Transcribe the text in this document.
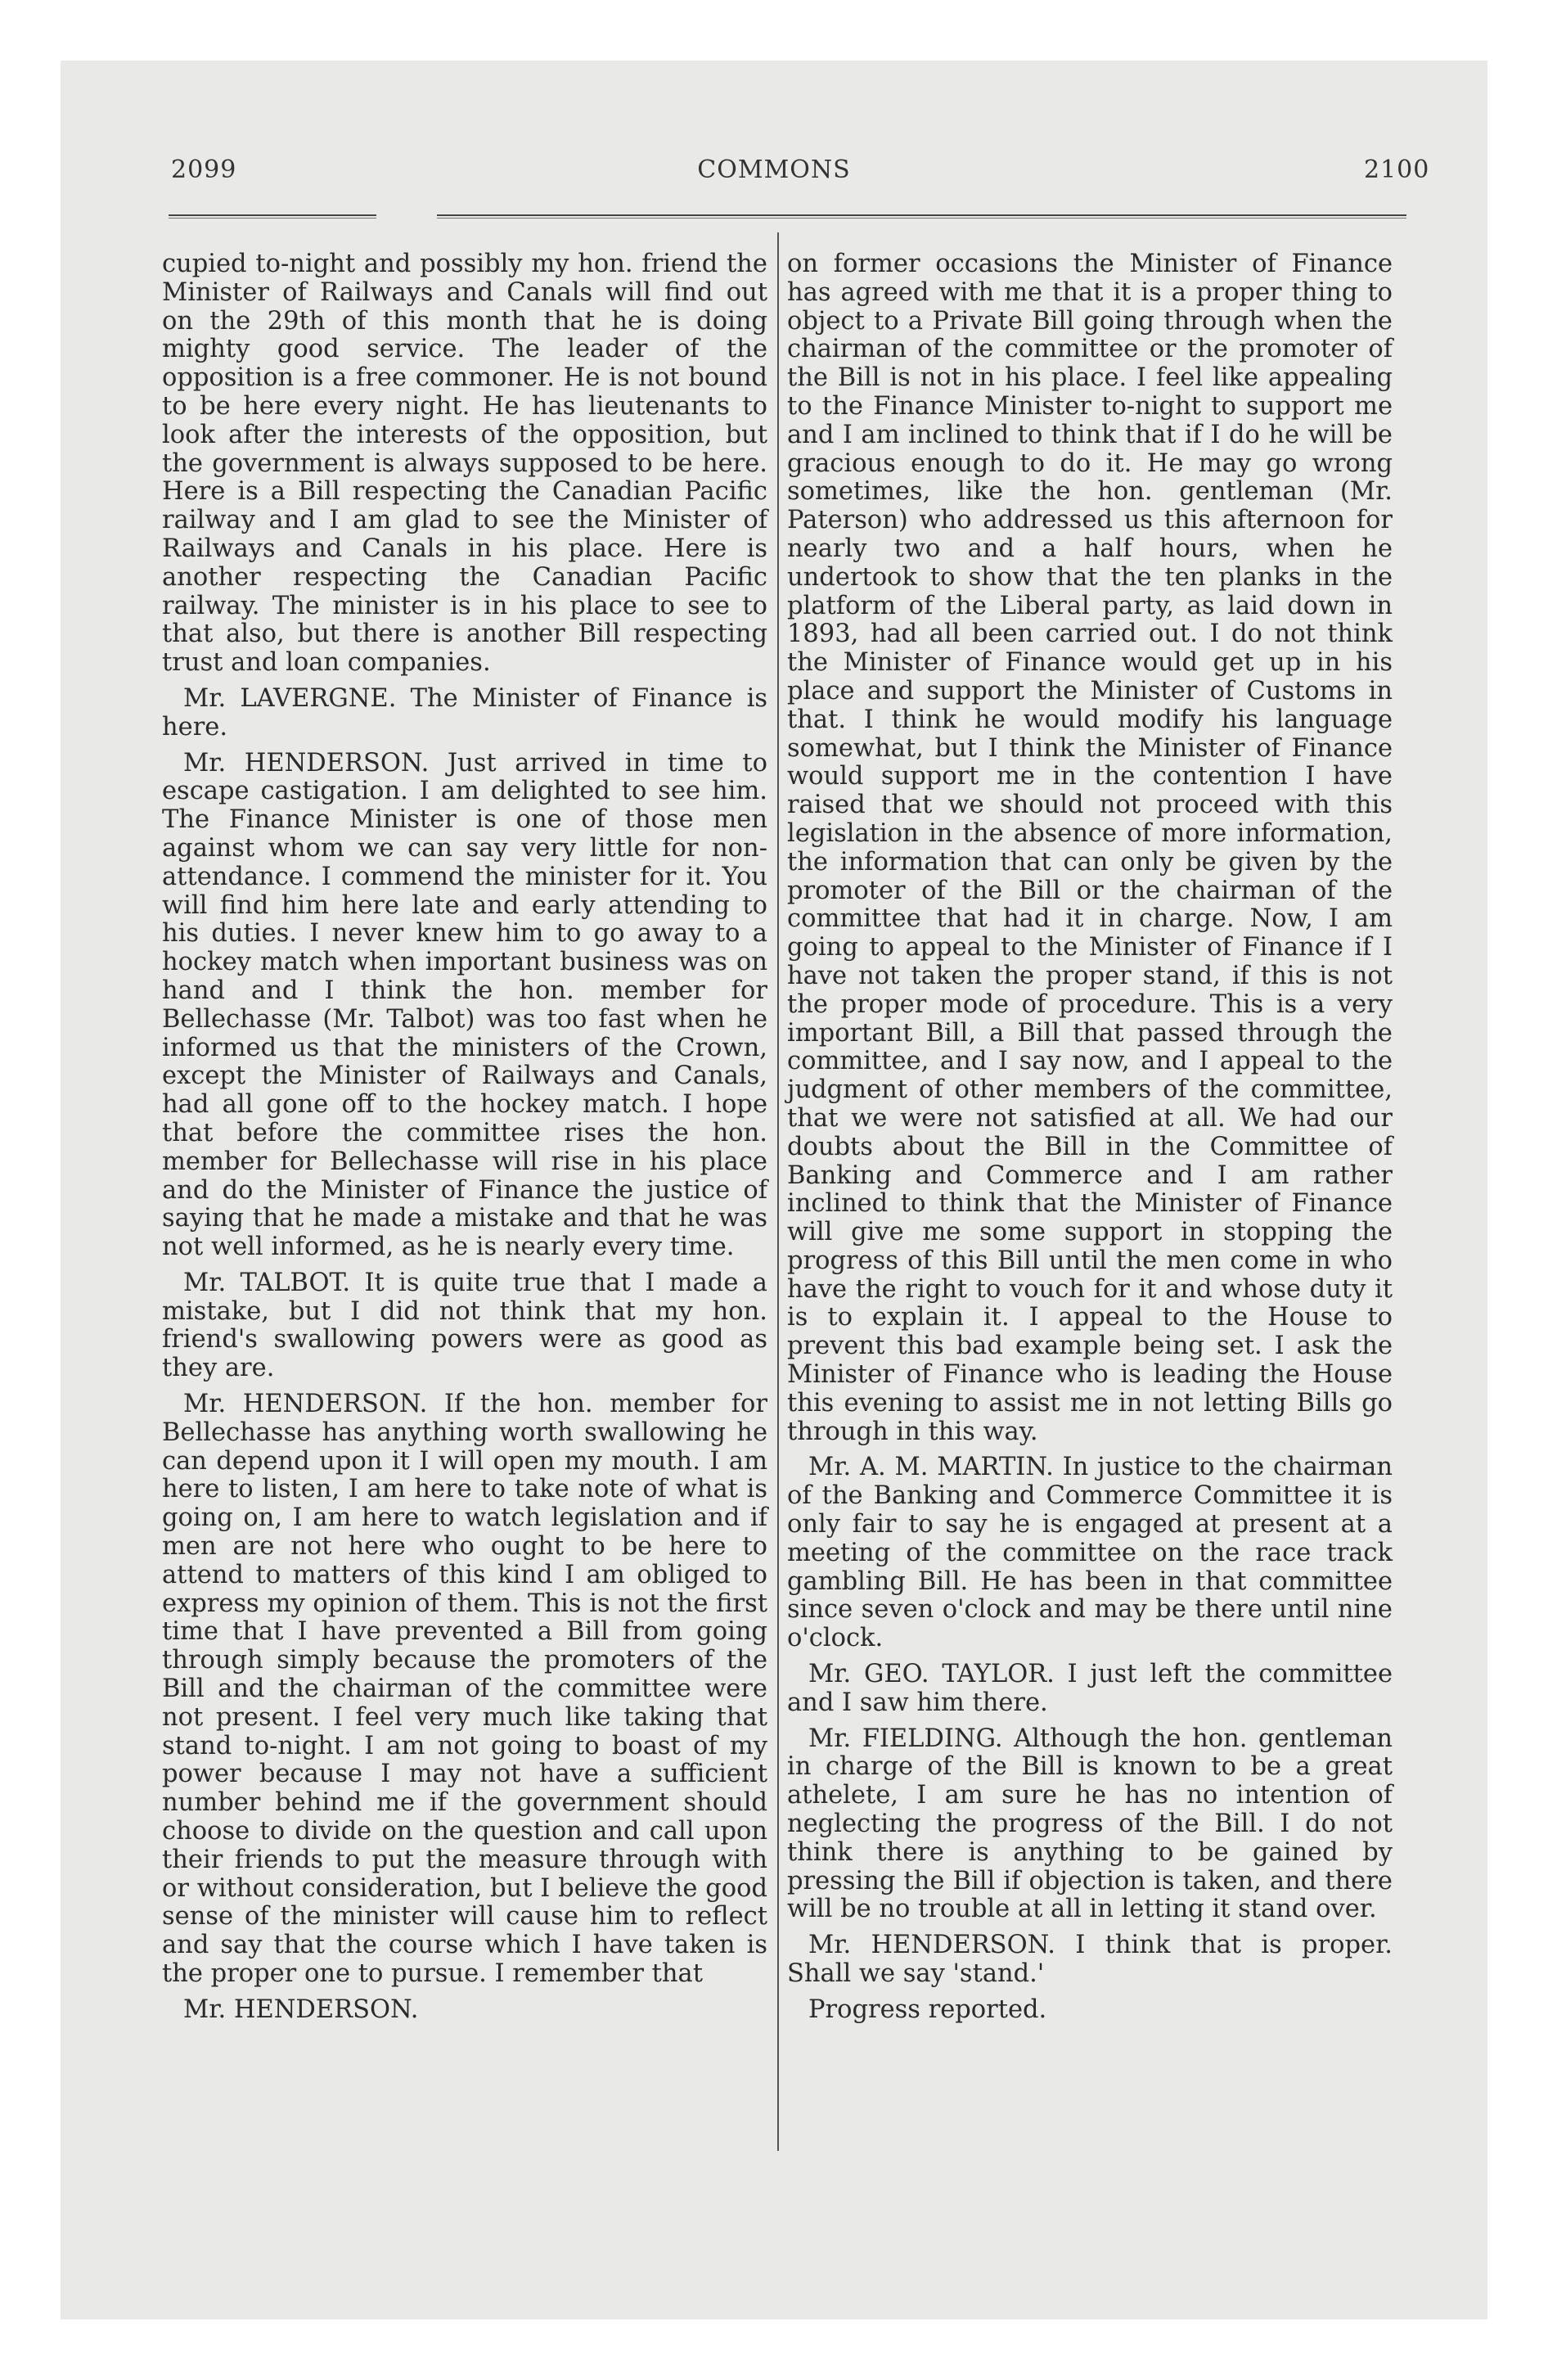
2099	COMMONS	2100

cupied to-night and possibly my hon. friend the Minister of Railways and Canals will find out on the 29th of this month that he is doing mighty good service. The leader of the opposition is a free commoner. He is not bound to be here every night. He has lieutenants to look after the interests of the opposition, but the government is always supposed to be here. Here is a Bill respecting the Canadian Pacific railway and I am glad to see the Minister of Railways and Canals in his place. Here is another respecting the Canadian Pacific railway. The minister is in his place to see to that also, but there is another Bill respecting trust and loan companies.

Mr. LAVERGNE. The Minister of Finance is here.

Mr. HENDERSON. Just arrived in time to escape castigation. I am delighted to see him. The Finance Minister is one of those men against whom we can say very little for non-attendance. I commend the minister for it. You will find him here late and early attending to his duties. I never knew him to go away to a hockey match when important business was on hand and I think the hon. member for Bellechasse (Mr. Talbot) was too fast when he informed us that the ministers of the Crown, except the Minister of Railways and Canals, had all gone off to the hockey match. I hope that before the committee rises the hon. member for Bellechasse will rise in his place and do the Minister of Finance the justice of saying that he made a mistake and that he was not well informed, as he is nearly every time.

Mr. TALBOT. It is quite true that I made a mistake, but I did not think that my hon. friend's swallowing powers were as good as they are.

Mr. HENDERSON. If the hon. member for Bellechasse has anything worth swallowing he can depend upon it I will open my mouth. I am here to listen, I am here to take note of what is going on, I am here to watch legislation and if men are not here who ought to be here to attend to matters of this kind I am obliged to express my opinion of them. This is not the first time that I have prevented a Bill from going through simply because the promoters of the Bill and the chairman of the committee were not present. I feel very much like taking that stand to-night. I am not going to boast of my power because I may not have a sufficient number behind me if the government should choose to divide on the question and call upon their friends to put the measure through with or without consideration, but I believe the good sense of the minister will cause him to reflect and say that the course which I have taken is the proper one to pursue. I remember that

Mr. HENDERSON.

on former occasions the Minister of Finance has agreed with me that it is a proper thing to object to a Private Bill going through when the chairman of the committee or the promoter of the Bill is not in his place. I feel like appealing to the Finance Minister to-night to support me and I am inclined to think that if I do he will be gracious enough to do it. He may go wrong sometimes, like the hon. gentleman (Mr. Paterson) who addressed us this afternoon for nearly two and a half hours, when he undertook to show that the ten planks in the platform of the Liberal party, as laid down in 1893, had all been carried out. I do not think the Minister of Finance would get up in his place and support the Minister of Customs in that. I think he would modify his language somewhat, but I think the Minister of Finance would support me in the contention I have raised that we should not proceed with this legislation in the absence of more information, the information that can only be given by the promoter of the Bill or the chairman of the committee that had it in charge. Now, I am going to appeal to the Minister of Finance if I have not taken the proper stand, if this is not the proper mode of procedure. This is a very important Bill, a Bill that passed through the committee, and I say now, and I appeal to the judgment of other members of the committee, that we were not satisfied at all. We had our doubts about the Bill in the Committee of Banking and Commerce and I am rather inclined to think that the Minister of Finance will give me some support in stopping the progress of this Bill until the men come in who have the right to vouch for it and whose duty it is to explain it. I appeal to the House to prevent this bad example being set. I ask the Minister of Finance who is leading the House this evening to assist me in not letting Bills go through in this way.

Mr. A. M. MARTIN. In justice to the chairman of the Banking and Commerce Committee it is only fair to say he is engaged at present at a meeting of the committee on the race track gambling Bill. He has been in that committee since seven o'clock and may be there until nine o'clock.

Mr. GEO. TAYLOR. I just left the committee and I saw him there.

Mr. FIELDING. Although the hon. gentleman in charge of the Bill is known to be a great athelete, I am sure he has no intention of neglecting the progress of the Bill. I do not think there is anything to be gained by pressing the Bill if objection is taken, and there will be no trouble at all in letting it stand over.

Mr. HENDERSON. I think that is proper. Shall we say 'stand.'

Progress reported.
